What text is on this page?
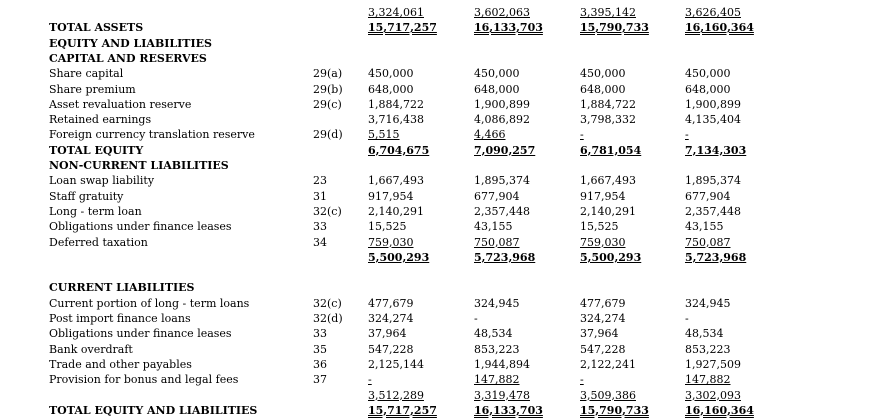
3,324,061	3,602,063	3,395,142	3,626,405
TOTAL ASSETS	15,717,257	16,133,703	15,790,733	16,160,364
EQUITY AND LIABILITIES
CAPITAL AND RESERVES
Share capital	29(a) 450,000	450,000	450,000	450,000
Share premium	29(b) 648,000	648,000	648,000	648,000
Asset revaluation reserve	29(c) 1,884,722	1,900,899	1,884,722	1,900,899
Retained earnings	3,716,438	4,086,892	3,798,332	4,135,404
Foreign currency translation reserve	29(d) 5,515	4,466	-	-
TOTAL EQUITY	6,704,675	7,090,257	6,781,054	7,134,303
NON-CURRENT LIABILITIES
Loan swap liability	23	1,667,493	1,895,374	1,667,493	1,895,374
Staff gratuity	31	917,954	677,904	917,954	677,904
Long - term loan	32(c) 2,140,291	2,357,448	2,140,291	2,357,448
Obligations under finance leases	33	15,525	43,155	15,525	43,155
Deferred taxation	34	759,030	750,087	759,030	750,087
5,500,293	5,723,968	5,500,293	5,723,968
CURRENT LIABILITIES
Current portion of long - term loans	32(c) 477,679	324,945	477,679	324,945
Post import finance loans	32(d) 324,274	-	324,274	-
Obligations under finance leases	33	37,964	48,534	37,964	48,534
Bank overdraft	35	547,228	853,223	547,228	853,223
Trade and other payables	36	2,125,144	1,944,894	2,122,241	1,927,509
Provision for bonus and legal fees	37	-	147,882	-	147,882
3,512,289	3,319,478	3,509,386	3,302,093
TOTAL EQUITY AND LIABILITIES	15,717,257	16,133,703	15,790,733	16,160,364
